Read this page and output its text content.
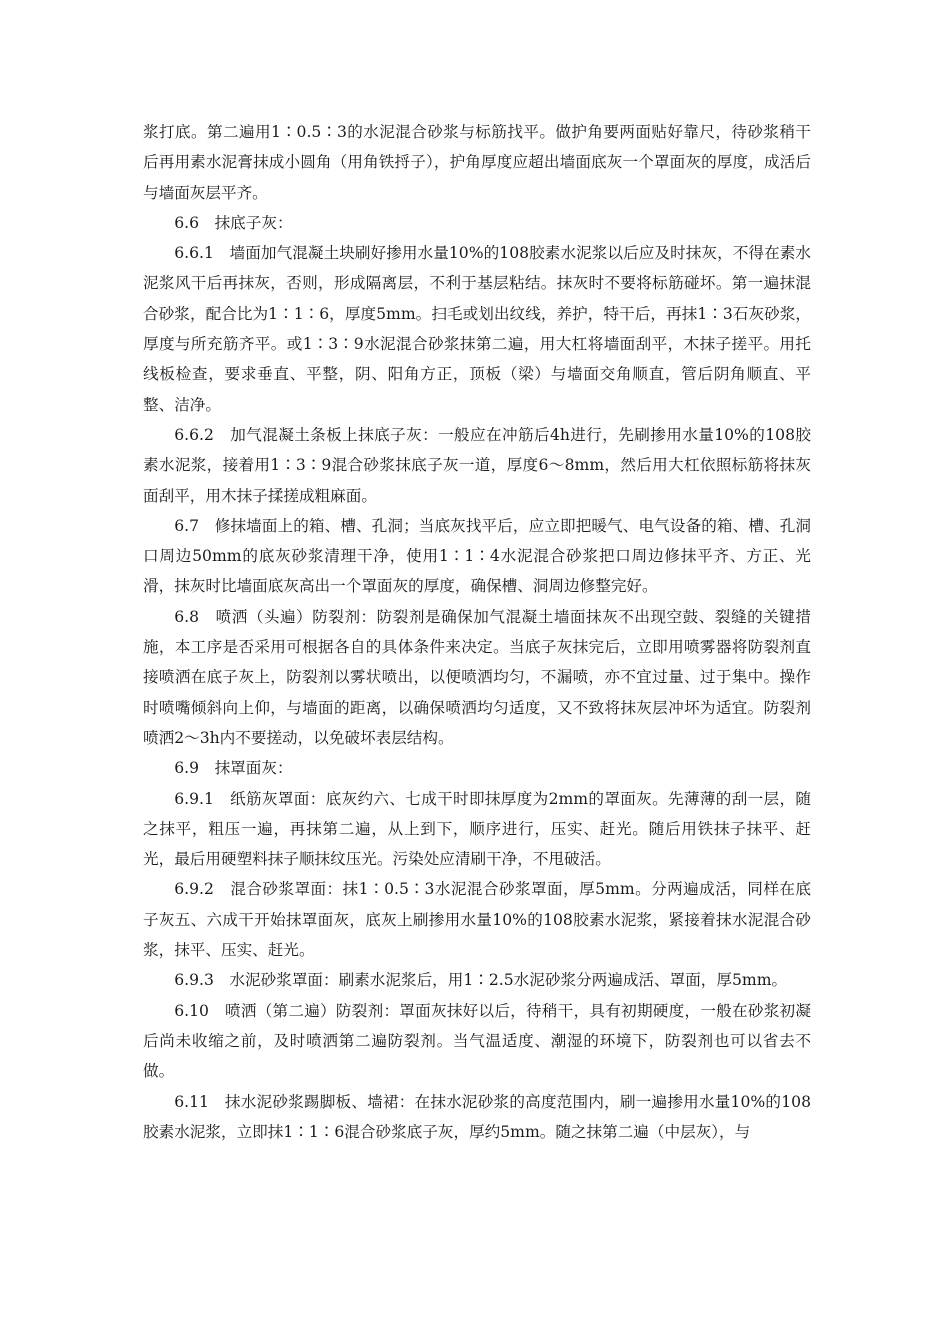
浆打底。第二遍用1∶0.5∶3的水泥混合砂浆与标筋找平。做护角要两面贴好靠尺，待砂浆稍干后再用素水泥膏抹成小圆角（用角铁捋子），护角厚度应超出墙面底灰一个罩面灰的厚度，成活后与墙面灰层平齐。

6.6　抹底子灰：

6.6.1　墙面加气混凝土块刷好掺用水量10%的108胶素水泥浆以后应及时抹灰，不得在素水泥浆风干后再抹灰，否则，形成隔离层，不利于基层粘结。抹灰时不要将标筋碰坏。第一遍抹混合砂浆，配合比为1∶1∶6，厚度5mm。扫毛或划出纹线，养护，特干后，再抹1∶3石灰砂浆，厚度与所充筋齐平。或1∶3∶9水泥混合砂浆抹第二遍，用大杠将墙面刮平，木抹子搓平。用托线板检查，要求垂直、平整，阴、阳角方正，顶板（梁）与墙面交角顺直，管后阴角顺直、平整、洁净。

6.6.2　加气混凝土条板上抹底子灰：一般应在冲筋后4h进行，先刷掺用水量10%的108胶素水泥浆，接着用1∶3∶9混合砂浆抹底子灰一道，厚度6～8mm，然后用大杠依照标筋将抹灰面刮平，用木抹子揉搓成粗麻面。

6.7　修抹墙面上的箱、槽、孔洞；当底灰找平后，应立即把暖气、电气设备的箱、槽、孔洞口周边50mm的底灰砂浆清理干净，使用1∶1∶4水泥混合砂浆把口周边修抹平齐、方正、光滑，抹灰时比墙面底灰高出一个罩面灰的厚度，确保槽、洞周边修整完好。

6.8　喷洒（头遍）防裂剂：防裂剂是确保加气混凝土墙面抹灰不出现空鼓、裂缝的关键措施，本工序是否采用可根据各自的具体条件来决定。当底子灰抹完后，立即用喷雾器将防裂剂直接喷洒在底子灰上，防裂剂以雾状喷出，以便喷洒均匀，不漏喷，亦不宜过量、过于集中。操作时喷嘴倾斜向上仰，与墙面的距离，以确保喷洒均匀适度，又不致将抹灰层冲坏为适宜。防裂剂喷洒2～3h内不要搓动，以免破坏表层结构。

6.9　抹罩面灰：

6.9.1　纸筋灰罩面：底灰约六、七成干时即抹厚度为2mm的罩面灰。先薄薄的刮一层，随之抹平，粗压一遍，再抹第二遍，从上到下，顺序进行，压实、赶光。随后用铁抹子抹平、赶光，最后用硬塑料抹子顺抹纹压光。污染处应清刷干净，不甩破活。

6.9.2　混合砂浆罩面：抹1∶0.5∶3水泥混合砂浆罩面，厚5mm。分两遍成活，同样在底子灰五、六成干开始抹罩面灰，底灰上刷掺用水量10%的108胶素水泥浆，紧接着抹水泥混合砂浆，抹平、压实、赶光。

6.9.3　水泥砂浆罩面：刷素水泥浆后，用1∶2.5水泥砂浆分两遍成活、罩面，厚5mm。

6.10　喷洒（第二遍）防裂剂：罩面灰抹好以后，待稍干，具有初期硬度，一般在砂浆初凝后尚未收缩之前，及时喷洒第二遍防裂剂。当气温适度、潮湿的环境下，防裂剂也可以省去不做。

6.11　抹水泥砂浆踢脚板、墙裙：在抹水泥砂浆的高度范围内，刷一遍掺用水量10%的108胶素水泥浆，立即抹1∶1∶6混合砂浆底子灰，厚约5mm。随之抹第二遍（中层灰），与
